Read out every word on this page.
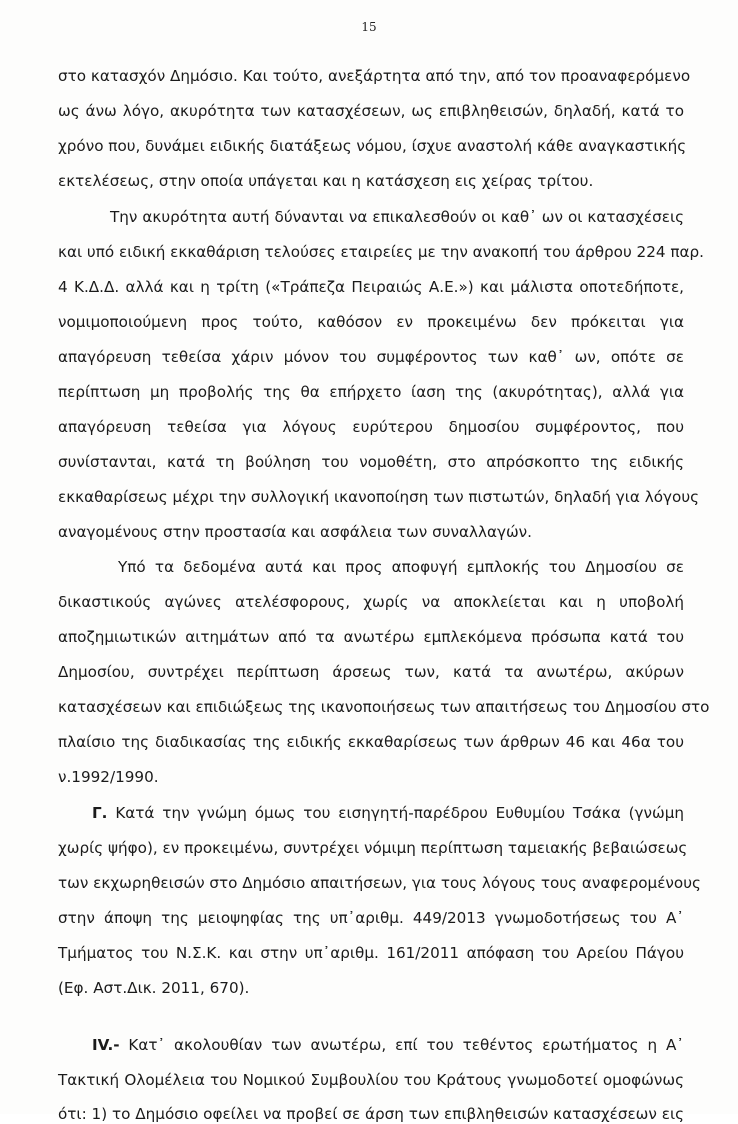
15
στο κατασχόν Δημόσιο. Και τούτο, ανεξάρτητα από την, από τον προαναφερόμενο
ως άνω λόγο, ακυρότητα των κατασχέσεων, ως επιβληθεισών, δηλαδή, κατά το
χρόνο που, δυνάμει ειδικής διατάξεως νόμου, ίσχυε αναστολή κάθε αναγκαστικής
εκτελέσεως, στην οποία υπάγεται και η κατάσχεση εις χείρας τρίτου.
Την ακυρότητα αυτή δύνανται να επικαλεσθούν οι καθ᾽ ων οι κατασχέσεις
και υπό ειδική εκκαθάριση τελούσες εταιρείες με την ανακοπή του άρθρου 224 παρ.
4 Κ.Δ.Δ. αλλά και η τρίτη («Τράπεζα Πειραιώς Α.Ε.») και μάλιστα οποτεδήποτε,
νομιμοποιούμενη προς τούτο, καθόσον εν προκειμένω δεν πρόκειται για
απαγόρευση τεθείσα χάριν μόνον του συμφέροντος των καθ᾽ ων, οπότε σε
περίπτωση μη προβολής της θα επήρχετο ίαση της (ακυρότητας), αλλά για
απαγόρευση τεθείσα για λόγους ευρύτερου δημοσίου συμφέροντος, που
συνίστανται, κατά τη βούληση του νομοθέτη, στο απρόσκοπτο της ειδικής
εκκαθαρίσεως μέχρι την συλλογική ικανοποίηση των πιστωτών, δηλαδή για λόγους
αναγομένους στην προστασία και ασφάλεια των συναλλαγών.
Υπό τα δεδομένα αυτά και προς αποφυγή εμπλοκής του Δημοσίου σε
δικαστικούς αγώνες ατελέσφορους, χωρίς να αποκλείεται και η υποβολή
αποζημιωτικών αιτημάτων από τα ανωτέρω εμπλεκόμενα πρόσωπα κατά του
Δημοσίου, συντρέχει περίπτωση άρσεως των, κατά τα ανωτέρω, ακύρων
κατασχέσεων και επιδιώξεως της ικανοποιήσεως των απαιτήσεως του Δημοσίου στο
πλαίσιο της διαδικασίας της ειδικής εκκαθαρίσεως των άρθρων 46 και 46α του
ν.1992/1990.
Γ. Κατά την γνώμη όμως του εισηγητή-παρέδρου Ευθυμίου Τσάκα (γνώμη
χωρίς ψήφο), εν προκειμένω, συντρέχει νόμιμη περίπτωση ταμειακής βεβαιώσεως
των εκχωρηθεισών στο Δημόσιο απαιτήσεων, για τους λόγους τους αναφερομένους
στην άποψη της μειοψηφίας της υπ᾽αριθμ. 449/2013 γνωμοδοτήσεως του Α᾽
Τμήματος του Ν.Σ.Κ. και στην υπ᾽αριθμ. 161/2011 απόφαση του Αρείου Πάγου
(Εφ. Αστ.Δικ. 2011, 670).
IV.- Κατ᾽ ακολουθίαν των ανωτέρω, επί του τεθέντος ερωτήματος η Α᾽
Τακτική Ολομέλεια του Νομικού Συμβουλίου του Κράτους γνωμοδοτεί ομοφώνως
ότι: 1) το Δημόσιο οφείλει να προβεί σε άρση των επιβληθεισών κατασχέσεων εις
